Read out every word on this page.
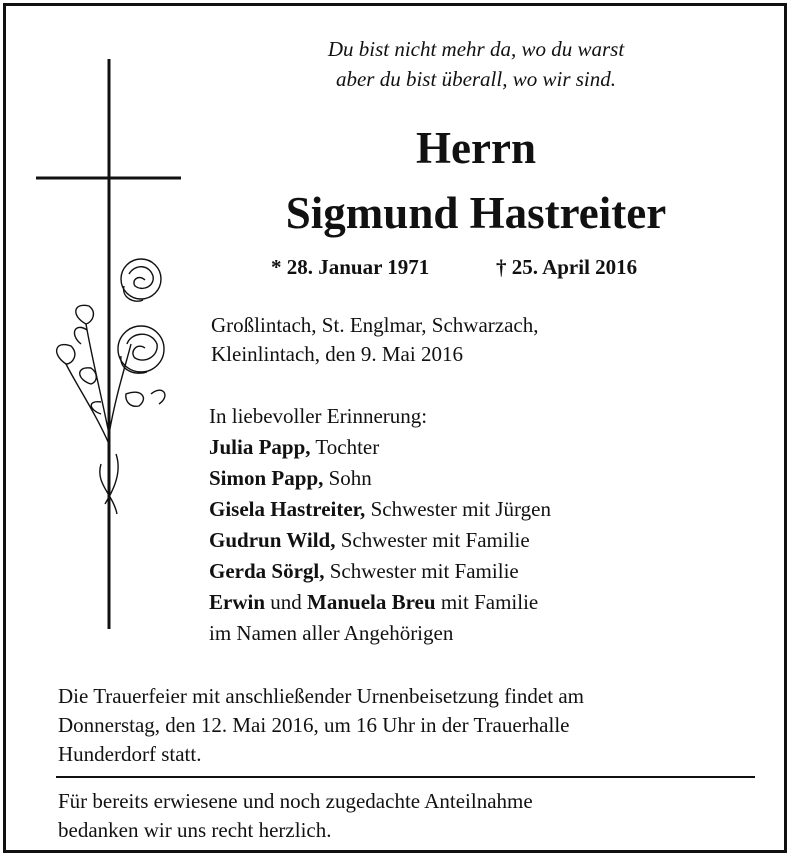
Du bist nicht mehr da, wo du warst
aber du bist überall, wo wir sind.
Herrn
Sigmund Hastreiter
* 28. Januar 1971	† 25. April 2016
Großlintach, St. Englmar, Schwarzach,
Kleinlintach, den 9. Mai 2016
In liebevoller Erinnerung:
Julia Papp, Tochter
Simon Papp, Sohn
Gisela Hastreiter, Schwester mit Jürgen
Gudrun Wild, Schwester mit Familie
Gerda Sörgl, Schwester mit Familie
Erwin und Manuela Breu mit Familie
im Namen aller Angehörigen
Die Trauerfeier mit anschließender Urnenbeisetzung findet am
Donnerstag, den 12. Mai 2016, um 16 Uhr in der Trauerhalle
Hunderdorf statt.
Für bereits erwiesene und noch zugedachte Anteilnahme
bedanken wir uns recht herzlich.
